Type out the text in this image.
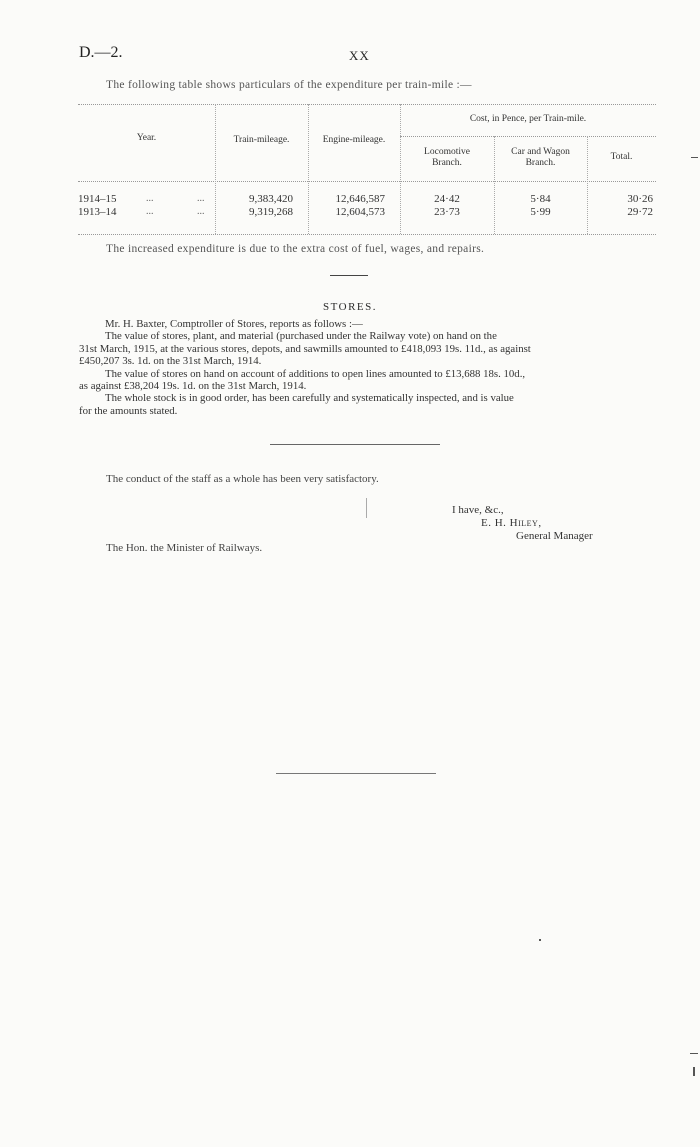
D.—2.	XX
The following table shows particulars of the expenditure per train-mile :—
Year.	Train-mileage.	Engine-mileage.
Cost, in Pence, per Train-mile.
Locomotive
Branch.
Car and Wagon
Branch.
Total.
1914–15	...	...	9,383,420	12,646,587	24·42	5·84	30·26
1913–14	...	...	9,319,268	12,604,573	23·73	5·99	29·72
The increased expenditure is due to the extra cost of fuel, wages, and repairs.
STORES.
Mr. H. Baxter, Comptroller of Stores, reports as follows :—
The value of stores, plant, and material (purchased under the Railway vote) on hand on the
31st March, 1915, at the various stores, depots, and sawmills amounted to £418,093 19s. 11d., as against
£450,207 3s. 1d. on the 31st March, 1914.
The value of stores on hand on account of additions to open lines amounted to £13,688 18s. 10d.,
as against £38,204 19s. 1d. on the 31st March, 1914.
The whole stock is in good order, has been carefully and systematically inspected, and is value
for the amounts stated.
The conduct of the staff as a whole has been very satisfactory.
I have, &c.,
E. H. Hiley,
General Manager
The Hon. the Minister of Railways.
